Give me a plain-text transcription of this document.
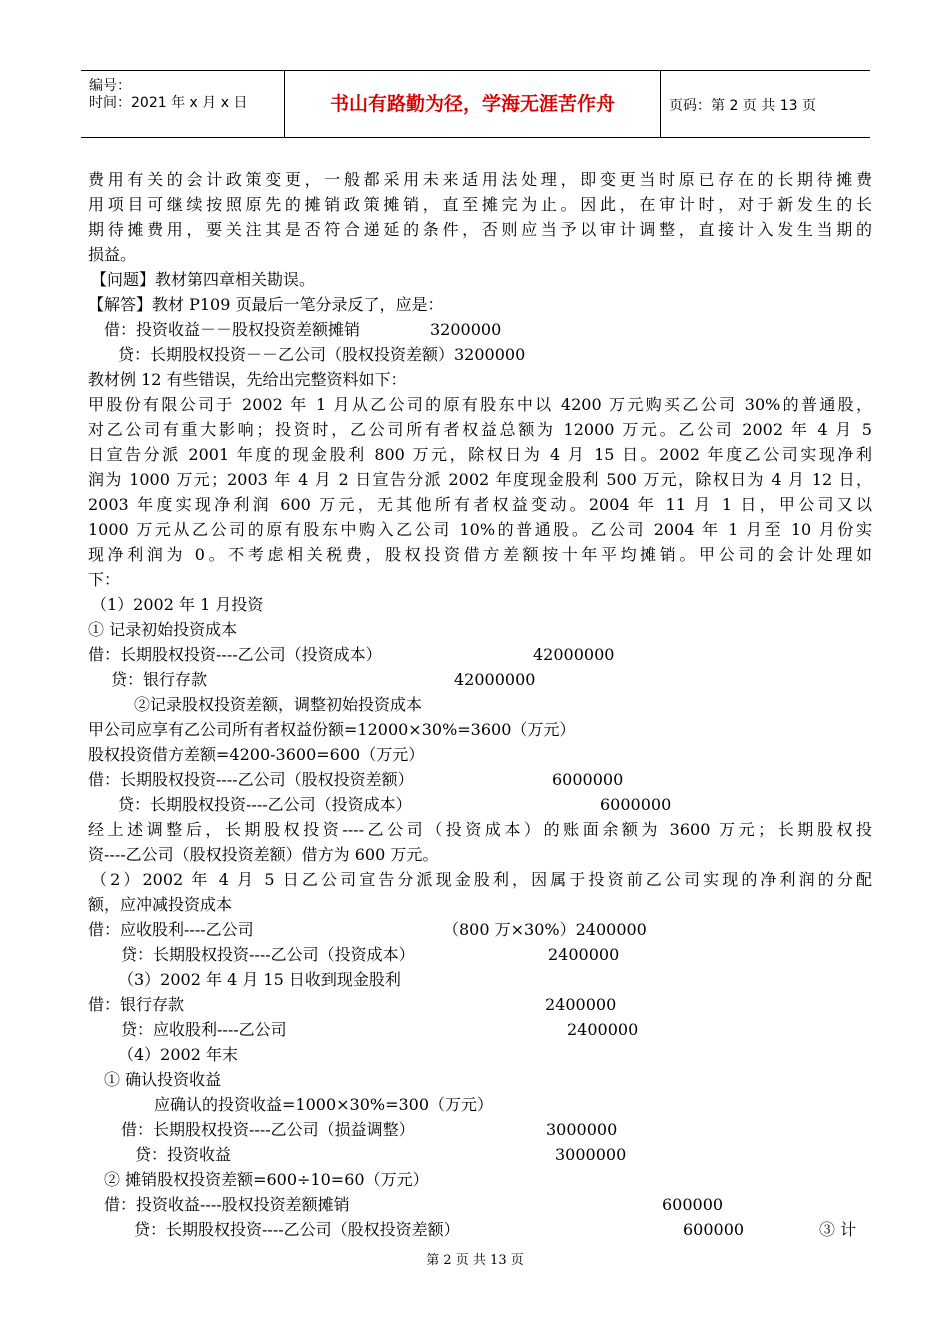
编号：
时间：2021 年 x 月 x 日	书山有路勤为径，学海无涯苦作舟	页码：第 2 页 共 13 页
费用有关的会计政策变更，一般都采用未来适用法处理，即变更当时原已存在的长期待摊费
用项目可继续按照原先的摊销政策摊销，直至摊完为止。因此，在审计时，对于新发生的长
期待摊费用，要关注其是否符合递延的条件，否则应当予以审计调整，直接计入发生当期的
损益。
【问题】教材第四章相关勘误。
【解答】教材 P109 页最后一笔分录反了，应是：
借：投资收益－－股权投资差额摊销	3200000
贷：长期股权投资－－乙公司（股权投资差额）3200000
教材例 12 有些错误，先给出完整资料如下：
甲股份有限公司于 2002 年 1 月从乙公司的原有股东中以 4200 万元购买乙公司 30%的普通股，
对乙公司有重大影响；投资时，乙公司所有者权益总额为 12000 万元。乙公司 2002 年 4 月 5
日宣告分派 2001 年度的现金股利 800 万元，除权日为 4 月 15 日。2002 年度乙公司实现净利
润为 1000 万元；2003 年 4 月 2 日宣告分派 2002 年度现金股利 500 万元，除权日为 4 月 12 日，
2003 年度实现净利润 600 万元，无其他所有者权益变动。2004 年 11 月 1 日，甲公司又以
1000 万元从乙公司的原有股东中购入乙公司 10%的普通股。乙公司 2004 年 1 月至 10 月份实
现净利润为 0。不考虑相关税费，股权投资借方差额按十年平均摊销。甲公司的会计处理如
下：
（1）2002 年 1 月投资
① 记录初始投资成本
借：长期股权投资----乙公司（投资成本）	42000000
贷：银行存款	42000000
②记录股权投资差额，调整初始投资成本
甲公司应享有乙公司所有者权益份额=12000×30%=3600（万元）
股权投资借方差额=4200-3600=600（万元）
借：长期股权投资----乙公司（股权投资差额）	6000000
贷：长期股权投资----乙公司（投资成本）	6000000
经上述调整后，长期股权投资----乙公司（投资成本）的账面余额为 3600 万元；长期股权投
资----乙公司（股权投资差额）借方为 600 万元。
（2）2002 年 4 月 5 日乙公司宣告分派现金股利，因属于投资前乙公司实现的净利润的分配
额，应冲减投资成本
借：应收股利----乙公司	（800 万×30%）2400000
贷：长期股权投资----乙公司（投资成本）	2400000
（3）2002 年 4 月 15 日收到现金股利
借：银行存款	2400000
贷：应收股利----乙公司	2400000
（4）2002 年末
① 确认投资收益
应确认的投资收益=1000×30%=300（万元）
借：长期股权投资----乙公司（损益调整）	3000000
贷：投资收益	3000000
② 摊销股权投资差额=600÷10=60（万元）
借：投资收益----股权投资差额摊销	600000
贷：长期股权投资----乙公司（股权投资差额）	600000	③ 计
第 2 页 共 13 页
